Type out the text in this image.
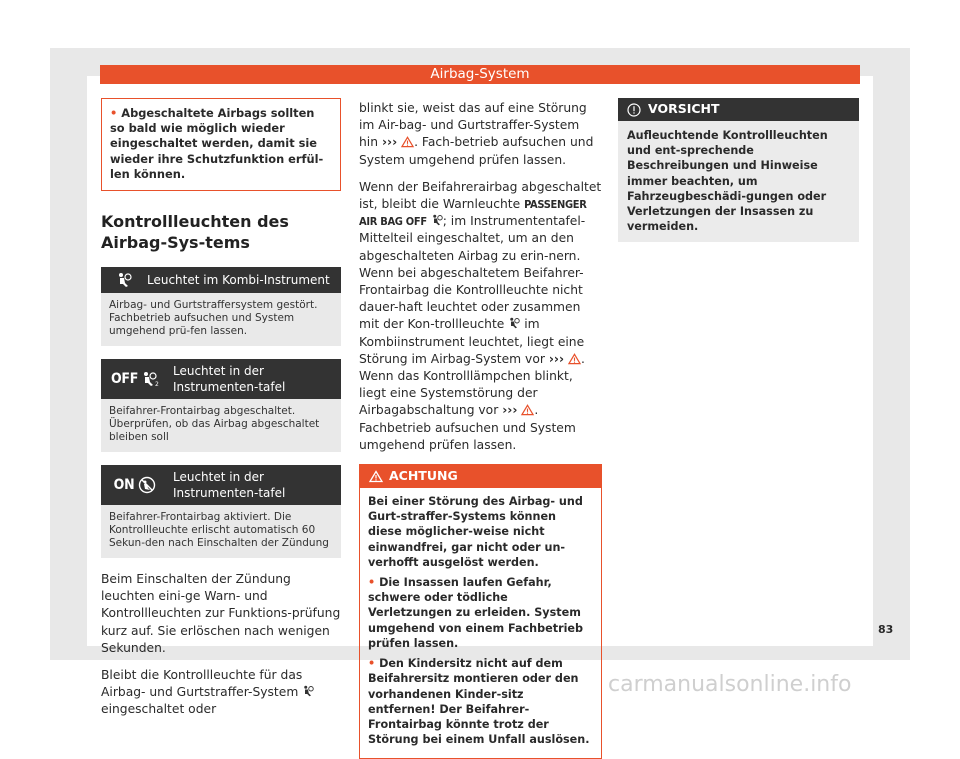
Airbag-System
• Abgeschaltete Airbags sollten so bald wie möglich wieder eingeschaltet werden, damit sie wieder ihre Schutzfunktion erfül-len können.
Kontrollleuchten des Airbag-Sys-tems
Leuchtet im Kombi-Instrument
Airbag- und Gurtstraffersystem gestört. Fachbetrieb aufsuchen und System umgehend prü-fen lassen.
OFF	2
Leuchtet in der Instrumenten-tafel
Beifahrer-Frontairbag abgeschaltet. Überprüfen, ob das Airbag abgeschaltet bleiben soll
ON	Leuchtet in der Instrumenten-tafel
Beifahrer-Frontairbag aktiviert. Die Kontrollleuchte erlischt automatisch 60 Sekun-den nach Einschalten der Zündung

Beim Einschalten der Zündung leuchten eini-ge Warn- und Kontrollleuchten zur Funktions-prüfung kurz auf. Sie erlöschen nach wenigen Sekunden.

Bleibt die Kontrollleuchte für das Airbag- und Gurtstraffer-System  eingeschaltet oder

blinkt sie, weist das auf eine Störung im Air-bag- und Gurtstraffer-System hin ››› . Fach-betrieb aufsuchen und System umgehend prüfen lassen.

Wenn der Beifahrerairbag abgeschaltet ist, bleibt die Warnleuchte PASSENGER AIR BAG OFF ; im Instrumententafel-Mittelteil eingeschaltet, um an den abgeschalteten Airbag zu erin-nern. Wenn bei abgeschaltetem Beifahrer-Frontairbag die Kontrollleuchte nicht dauer-haft leuchtet oder zusammen mit der Kon-trollleuchte im Kombiinstrument leuchtet, liegt eine Störung im Airbag-System vor ››› . Wenn das Kontrolllämpchen blinkt, liegt eine Systemstörung der Airbagabschaltung vor ››› . Fachbetrieb aufsuchen und System umgehend prüfen lassen.

ACHTUNG

Bei einer Störung des Airbag- und Gurt-straffer-Systems können diese möglicher-weise nicht einwandfrei, gar nicht oder un-verhofft ausgelöst werden.

• Die Insassen laufen Gefahr, schwere oder tödliche Verletzungen zu erleiden. System umgehend von einem Fachbetrieb prüfen lassen.

• Den Kindersitz nicht auf dem Beifahrersitz montieren oder den vorhandenen Kinder-sitz entfernen! Der Beifahrer-Frontairbag könnte trotz der Störung bei einem Unfall auslösen.

VORSICHT
Aufleuchtende Kontrollleuchten und ent-sprechende Beschreibungen und Hinweise immer beachten, um Fahrzeugbeschädi-gungen oder Verletzungen der Insassen zu vermeiden.
83
carmanualsonline.info
